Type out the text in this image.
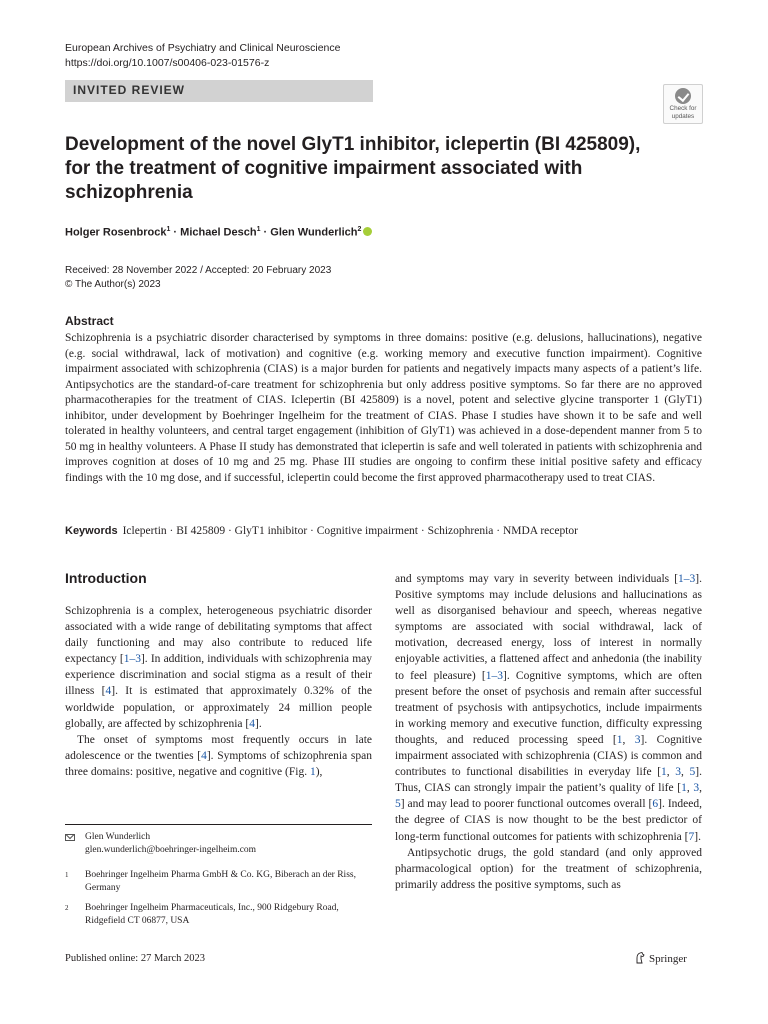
European Archives of Psychiatry and Clinical Neuroscience
https://doi.org/10.1007/s00406-023-01576-z
INVITED REVIEW
Check for
updates
Development of the novel GlyT1 inhibitor, iclepertin (BI 425809), for the treatment of cognitive impairment associated with schizophrenia
Holger Rosenbrock$^1$ · Michael Desch$^1$ · Glen Wunderlich$^2$
Received: 28 November 2022 / Accepted: 20 February 2023
© The Author(s) 2023
Abstract
Schizophrenia is a psychiatric disorder characterised by symptoms in three domains: positive (e.g. delusions, hallucinations), negative (e.g. social withdrawal, lack of motivation) and cognitive (e.g. working memory and executive function impairment). Cognitive impairment associated with schizophrenia (CIAS) is a major burden for patients and negatively impacts many aspects of a patient’s life. Antipsychotics are the standard-of-care treatment for schizophrenia but only address positive symptoms. So far there are no approved pharmacotherapies for the treatment of CIAS. Iclepertin (BI 425809) is a novel, potent and selective glycine transporter 1 (GlyT1) inhibitor, under development by Boehringer Ingelheim for the treatment of CIAS. Phase I studies have shown it to be safe and well tolerated in healthy volunteers, and central target engagement (inhibition of GlyT1) was achieved in a dose-dependent manner from 5 to 50 mg in healthy volunteers. A Phase II study has demonstrated that iclepertin is safe and well tolerated in patients with schizophrenia and improves cognition at doses of 10 mg and 25 mg. Phase III studies are ongoing to confirm these initial positive safety and efficacy findings with the 10 mg dose, and if successful, iclepertin could become the first approved pharmacotherapy used to treat CIAS.
Keywords Iclepertin · BI 425809 · GlyT1 inhibitor · Cognitive impairment · Schizophrenia · NMDA receptor
Introduction

Schizophrenia is a complex, heterogeneous psychiatric disorder associated with a wide range of debilitating symptoms that affect daily functioning and may also contribute to reduced life expectancy [1–3]. In addition, individuals with schizophrenia may experience discrimination and social stigma as a result of their illness [4]. It is estimated that approximately 0.32% of the worldwide population, or approximately 24 million people globally, are affected by schizophrenia [4].

The onset of symptoms most frequently occurs in late adolescence or the twenties [4]. Symptoms of schizophrenia span three domains: positive, negative and cognitive (Fig. 1),

and symptoms may vary in severity between individuals [1–3]. Positive symptoms may include delusions and hallucinations as well as disorganised behaviour and speech, whereas negative symptoms are associated with social withdrawal, lack of motivation, decreased energy, loss of interest in normally enjoyable activities, a flattened affect and anhedonia (the inability to feel pleasure) [1–3]. Cognitive symptoms, which are often present before the onset of psychosis and remain after successful treatment of psychosis with antipsychotics, include impairments in working memory and executive function, difficulty expressing thoughts, and reduced processing speed [1, 3]. Cognitive impairment associated with schizophrenia (CIAS) is common and contributes to functional disabilities in everyday life [1, 3, 5]. Thus, CIAS can strongly impair the patient’s quality of life [1, 3, 5] and may lead to poorer functional outcomes overall [6]. Indeed, the degree of CIAS is now thought to be the best predictor of long-term functional outcomes for patients with schizophrenia [7].

Antipsychotic drugs, the gold standard (and only approved pharmacological option) for the treatment of schizophrenia, primarily address the positive symptoms, such as

Glen Wunderlich
glen.wunderlich@boehringer-ingelheim.com
1 Boehringer Ingelheim Pharma GmbH & Co. KG, Biberach an der Riss, Germany
2 Boehringer Ingelheim Pharmaceuticals, Inc., 900 Ridgebury Road, Ridgefield CT 06877, USA
Published online: 27 March 2023	Springer
